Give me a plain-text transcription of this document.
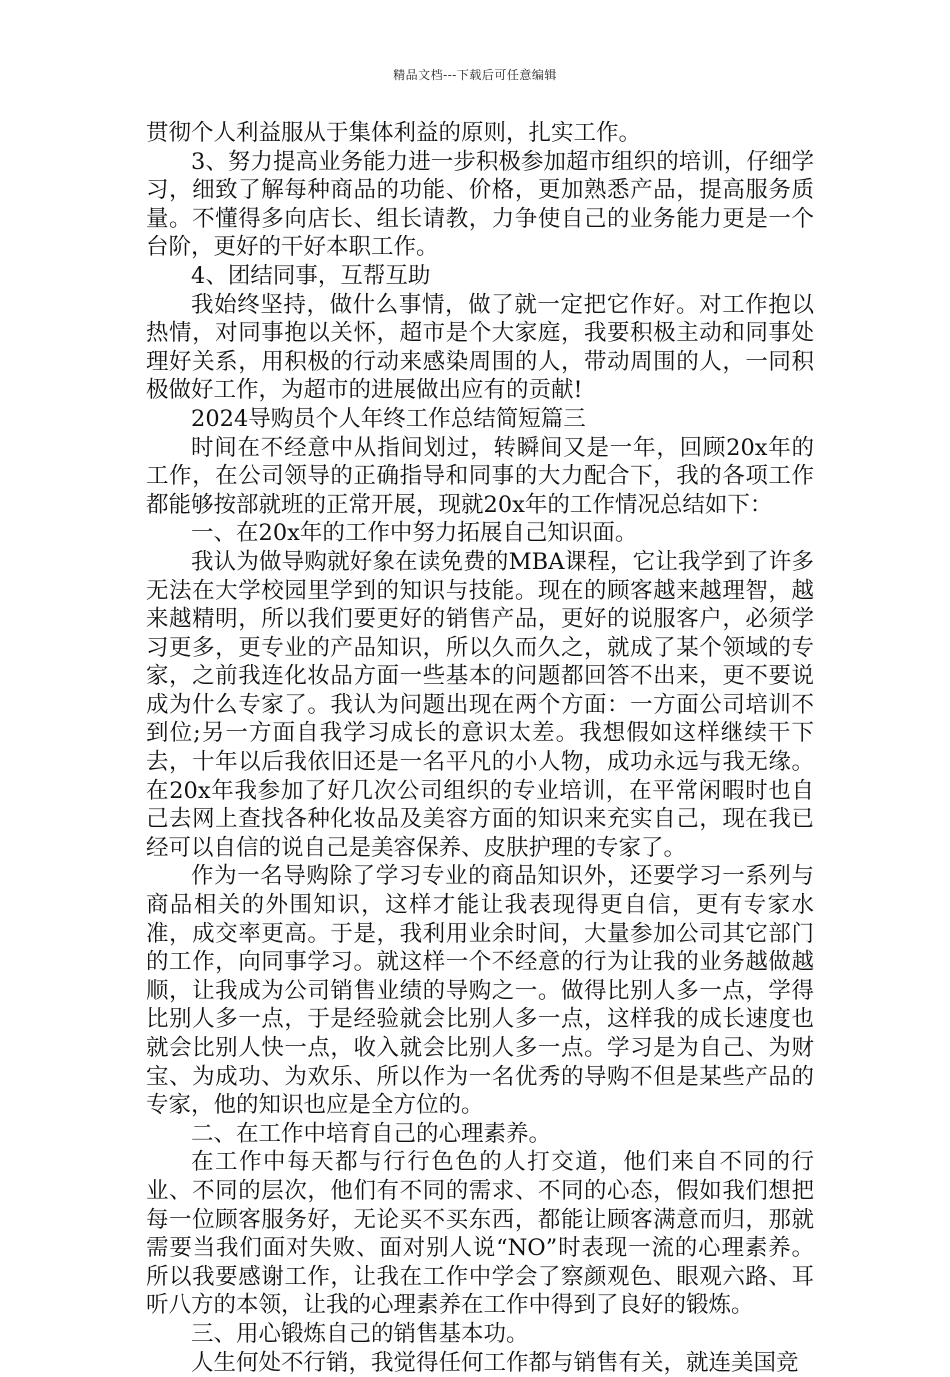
精品文档---下载后可任意编辑

贯彻个人利益服从于集体利益的原则，扎实工作。

3、努力提高业务能力进一步积极参加超市组织的培训，仔细学习，细致了解每种商品的功能、价格，更加熟悉产品，提高服务质量。不懂得多向店长、组长请教，力争使自己的业务能力更是一个台阶，更好的干好本职工作。

4、团结同事，互帮互助

我始终坚持，做什么事情，做了就一定把它作好。对工作抱以热情，对同事抱以关怀，超市是个大家庭，我要积极主动和同事处理好关系，用积极的行动来感染周围的人，带动周围的人，一同积极做好工作，为超市的进展做出应有的贡献!

2024导购员个人年终工作总结简短篇三

时间在不经意中从指间划过，转瞬间又是一年，回顾20x年的工作，在公司领导的正确指导和同事的大力配合下，我的各项工作都能够按部就班的正常开展，现就20x年的工作情况总结如下：

一、在20x年的工作中努力拓展自己知识面。

我认为做导购就好象在读免费的MBA课程，它让我学到了许多无法在大学校园里学到的知识与技能。现在的顾客越来越理智，越来越精明，所以我们要更好的销售产品，更好的说服客户，必须学习更多，更专业的产品知识，所以久而久之，就成了某个领域的专家，之前我连化妆品方面一些基本的问题都回答不出来，更不要说成为什么专家了。我认为问题出现在两个方面：一方面公司培训不到位;另一方面自我学习成长的意识太差。我想假如这样继续干下去，十年以后我依旧还是一名平凡的小人物，成功永远与我无缘。在20x年我参加了好几次公司组织的专业培训，在平常闲暇时也自己去网上查找各种化妆品及美容方面的知识来充实自己，现在我已经可以自信的说自己是美容保养、皮肤护理的专家了。

作为一名导购除了学习专业的商品知识外，还要学习一系列与商品相关的外围知识，这样才能让我表现得更自信，更有专家水准，成交率更高。于是，我利用业余时间，大量参加公司其它部门的工作，向同事学习。就这样一个不经意的行为让我的业务越做越顺，让我成为公司销售业绩的导购之一。做得比别人多一点，学得比别人多一点，于是经验就会比别人多一点，这样我的成长速度也就会比别人快一点，收入就会比别人多一点。学习是为自己、为财宝、为成功、为欢乐、所以作为一名优秀的导购不但是某些产品的专家，他的知识也应是全方位的。

二、在工作中培育自己的心理素养。

在工作中每天都与行行色色的人打交道，他们来自不同的行业、不同的层次，他们有不同的需求、不同的心态，假如我们想把每一位顾客服务好，无论买不买东西，都能让顾客满意而归，那就需要当我们面对失败、面对别人说“NO”时表现一流的心理素养。所以我要感谢工作，让我在工作中学会了察颜观色、眼观六路、耳听八方的本领，让我的心理素养在工作中得到了良好的锻炼。

三、用心锻炼自己的销售基本功。

人生何处不行销，我觉得任何工作都与销售有关，就连美国竞
